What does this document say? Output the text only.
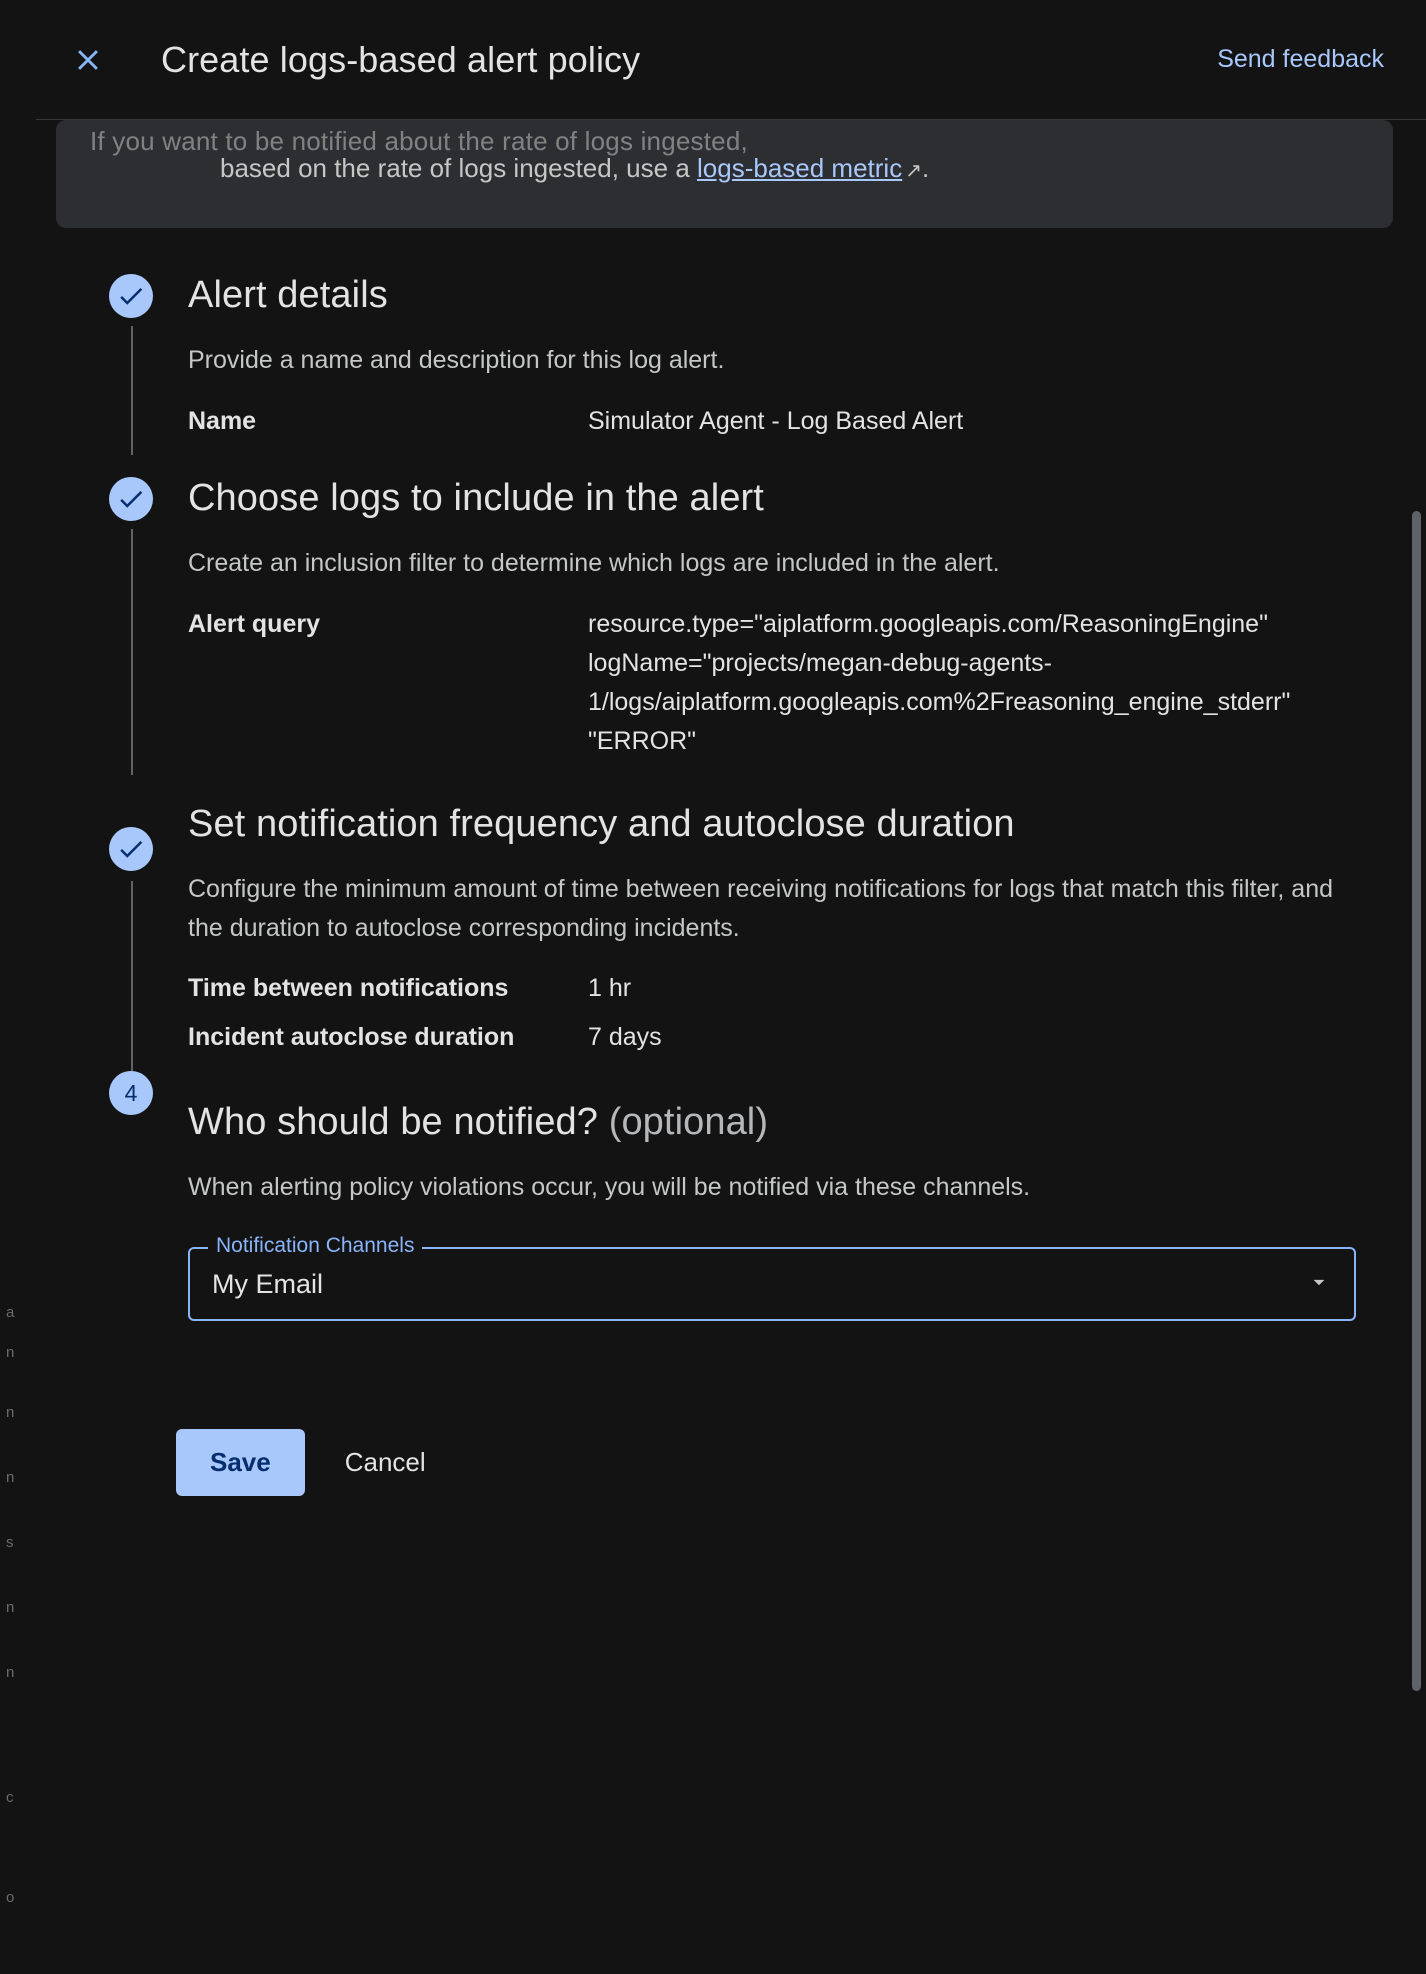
a
n
n
n
s
n
n
c
o
Create logs-based alert policy	Send feedback
If you want to be notified about the rate of logs ingested,
based on the rate of logs ingested, use a logs-based metric ↗.
Alert details
Provide a name and description for this log alert.
Name	Simulator Agent - Log Based Alert
Choose logs to include in the alert
Create an inclusion filter to determine which logs are included in the alert.
Alert query	resource.type="aiplatform.googleapis.com/ReasoningEngine" logName="projects/megan-debug-agents-1/logs/aiplatform.googleapis.com%2Freasoning_engine_stderr" "ERROR"
Set notification frequency and autoclose duration
Configure the minimum amount of time between receiving notifications for logs that match this filter, and the duration to autoclose corresponding incidents.
Time between notifications	1 hr
Incident autoclose duration	7 days
4
Who should be notified? (optional)
When alerting policy violations occur, you will be notified via these channels.
Notification Channels
My Email
Save	Cancel
